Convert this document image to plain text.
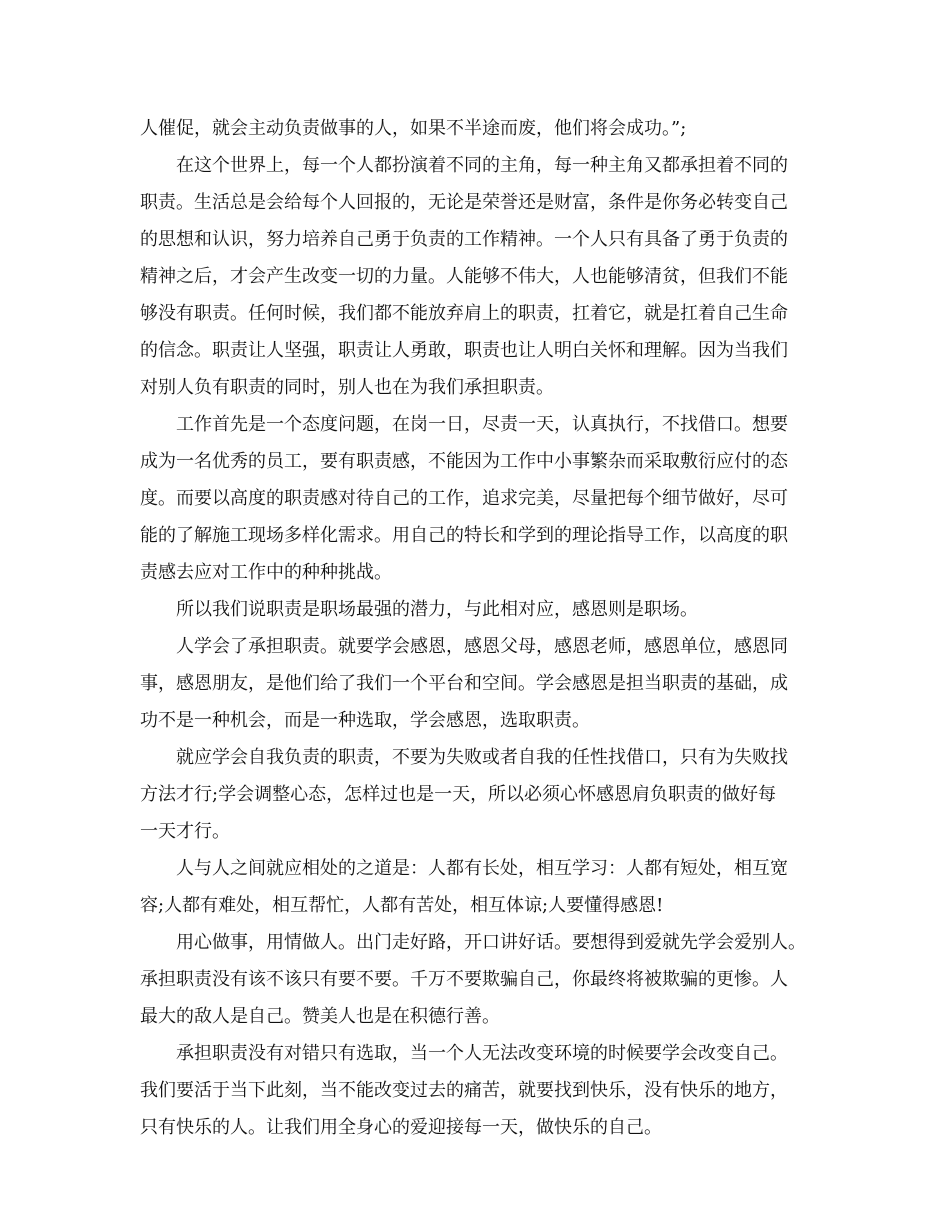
人催促，就会主动负责做事的人，如果不半途而废，他们将会成功。”;
在这个世界上，每一个人都扮演着不同的主角，每一种主角又都承担着不同的
职责。生活总是会给每个人回报的，无论是荣誉还是财富，条件是你务必转变自己
的思想和认识，努力培养自己勇于负责的工作精神。一个人只有具备了勇于负责的
精神之后，才会产生改变一切的力量。人能够不伟大，人也能够清贫，但我们不能
够没有职责。任何时候，我们都不能放弃肩上的职责，扛着它，就是扛着自己生命
的信念。职责让人坚强，职责让人勇敢，职责也让人明白关怀和理解。因为当我们
对别人负有职责的同时，别人也在为我们承担职责。
工作首先是一个态度问题，在岗一日，尽责一天，认真执行，不找借口。想要
成为一名优秀的员工，要有职责感，不能因为工作中小事繁杂而采取敷衍应付的态
度。而要以高度的职责感对待自己的工作，追求完美，尽量把每个细节做好，尽可
能的了解施工现场多样化需求。用自己的特长和学到的理论指导工作，以高度的职
责感去应对工作中的种种挑战。
所以我们说职责是职场最强的潜力，与此相对应，感恩则是职场。
人学会了承担职责。就要学会感恩，感恩父母，感恩老师，感恩单位，感恩同
事，感恩朋友，是他们给了我们一个平台和空间。学会感恩是担当职责的基础，成
功不是一种机会，而是一种选取，学会感恩，选取职责。
就应学会自我负责的职责，不要为失败或者自我的任性找借口，只有为失败找
方法才行;学会调整心态，怎样过也是一天，所以必须心怀感恩肩负职责的做好每
一天才行。
人与人之间就应相处的之道是：人都有长处，相互学习：人都有短处，相互宽
容;人都有难处，相互帮忙，人都有苦处，相互体谅;人要懂得感恩!
用心做事，用情做人。出门走好路，开口讲好话。要想得到爱就先学会爱别人。
承担职责没有该不该只有要不要。千万不要欺骗自己，你最终将被欺骗的更惨。人
最大的敌人是自己。赞美人也是在积德行善。
承担职责没有对错只有选取，当一个人无法改变环境的时候要学会改变自己。
我们要活于当下此刻，当不能改变过去的痛苦，就要找到快乐，没有快乐的地方，
只有快乐的人。让我们用全身心的爱迎接每一天，做快乐的自己。
